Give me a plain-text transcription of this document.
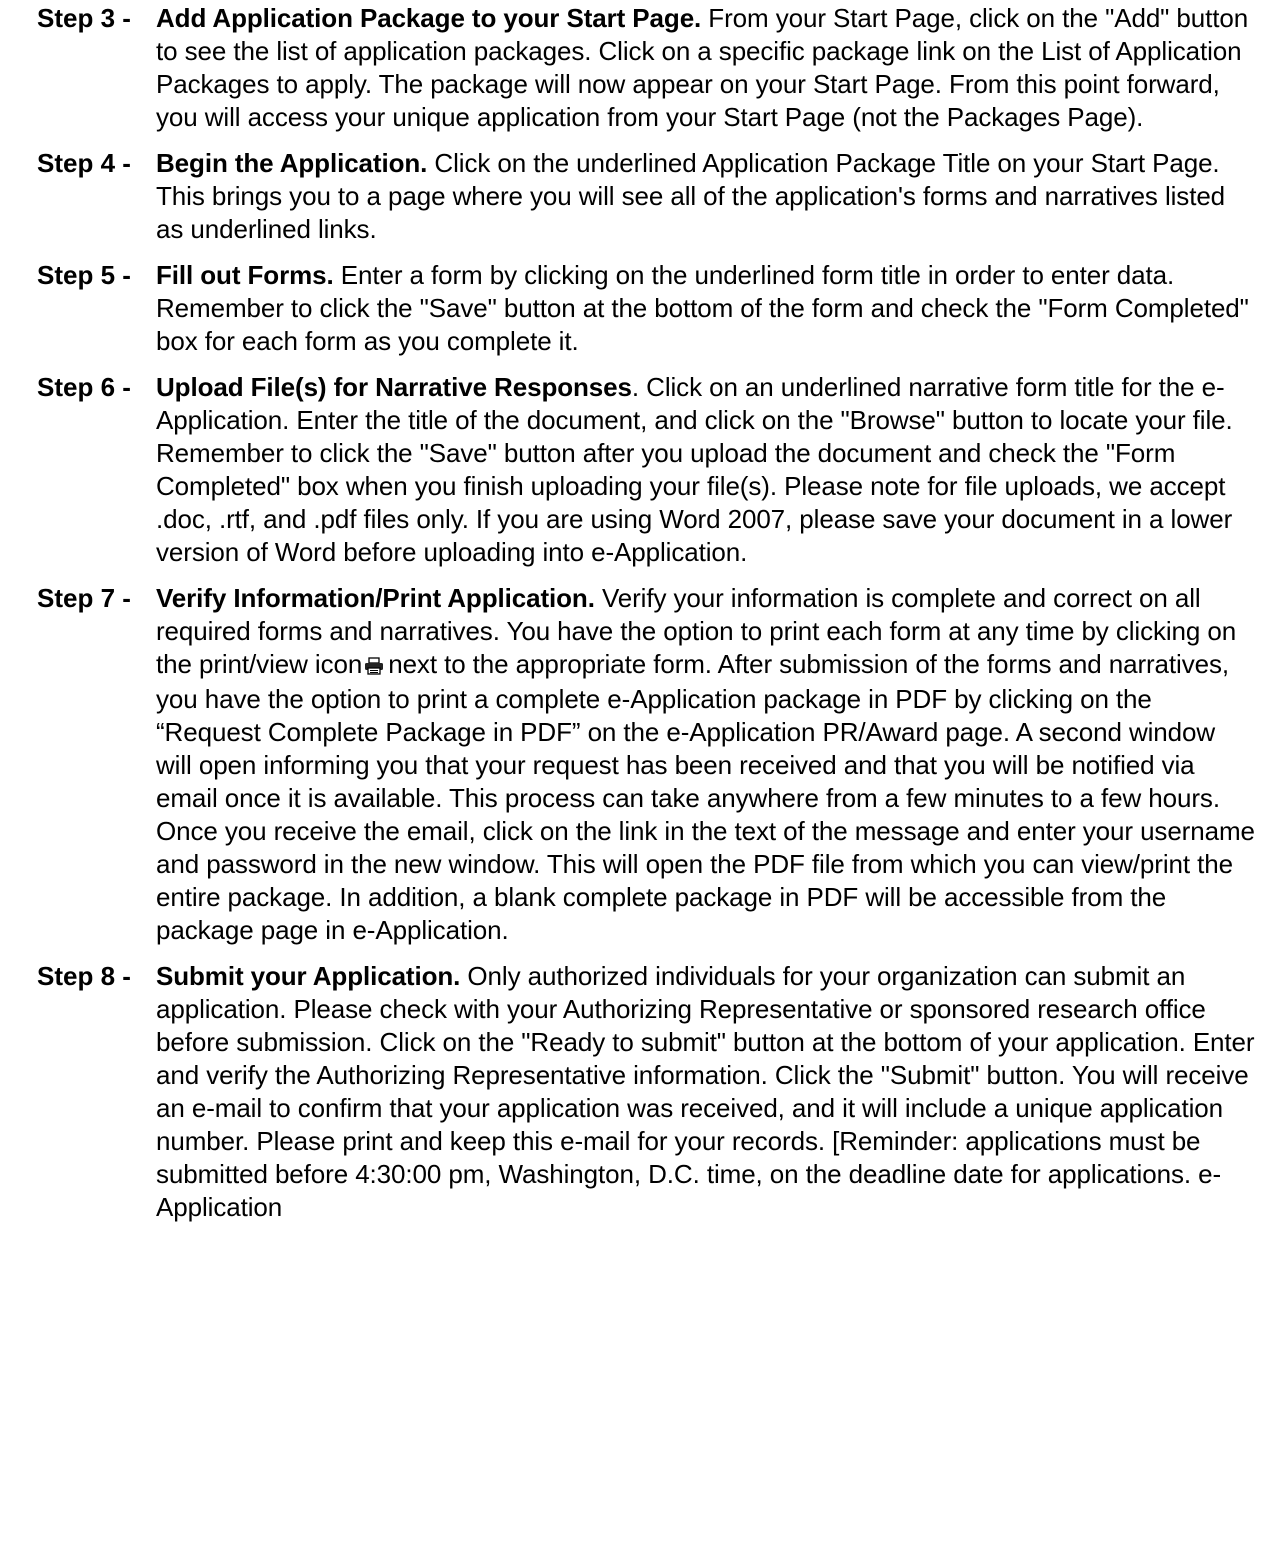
Step 3 - Add Application Package to your Start Page. From your Start Page, click on the "Add" button to see the list of application packages. Click on a specific package link on the List of Application Packages to apply. The package will now appear on your Start Page. From this point forward, you will access your unique application from your Start Page (not the Packages Page).
Step 4 - Begin the Application. Click on the underlined Application Package Title on your Start Page. This brings you to a page where you will see all of the application's forms and narratives listed as underlined links.
Step 5 - Fill out Forms. Enter a form by clicking on the underlined form title in order to enter data. Remember to click the "Save" button at the bottom of the form and check the "Form Completed" box for each form as you complete it.
Step 6 - Upload File(s) for Narrative Responses. Click on an underlined narrative form title for the e-Application. Enter the title of the document, and click on the "Browse" button to locate your file. Remember to click the "Save" button after you upload the document and check the "Form Completed" box when you finish uploading your file(s). Please note for file uploads, we accept .doc, .rtf, and .pdf files only. If you are using Word 2007, please save your document in a lower version of Word before uploading into e-Application.
Step 7 - Verify Information/Print Application. Verify your information is complete and correct on all required forms and narratives. You have the option to print each form at any time by clicking on the print/view icon next to the appropriate form. After submission of the forms and narratives, you have the option to print a complete e-Application package in PDF by clicking on the “Request Complete Package in PDF” on the e-Application PR/Award page. A second window will open informing you that your request has been received and that you will be notified via email once it is available. This process can take anywhere from a few minutes to a few hours. Once you receive the email, click on the link in the text of the message and enter your username and password in the new window. This will open the PDF file from which you can view/print the entire package. In addition, a blank complete package in PDF will be accessible from the package page in e-Application.
Step 8 - Submit your Application. Only authorized individuals for your organization can submit an application. Please check with your Authorizing Representative or sponsored research office before submission. Click on the "Ready to submit" button at the bottom of your application. Enter and verify the Authorizing Representative information. Click the "Submit" button. You will receive an e-mail to confirm that your application was received, and it will include a unique application number. Please print and keep this e-mail for your records. [Reminder: applications must be submitted before 4:30:00 pm, Washington, D.C. time, on the deadline date for applications. e-Application
